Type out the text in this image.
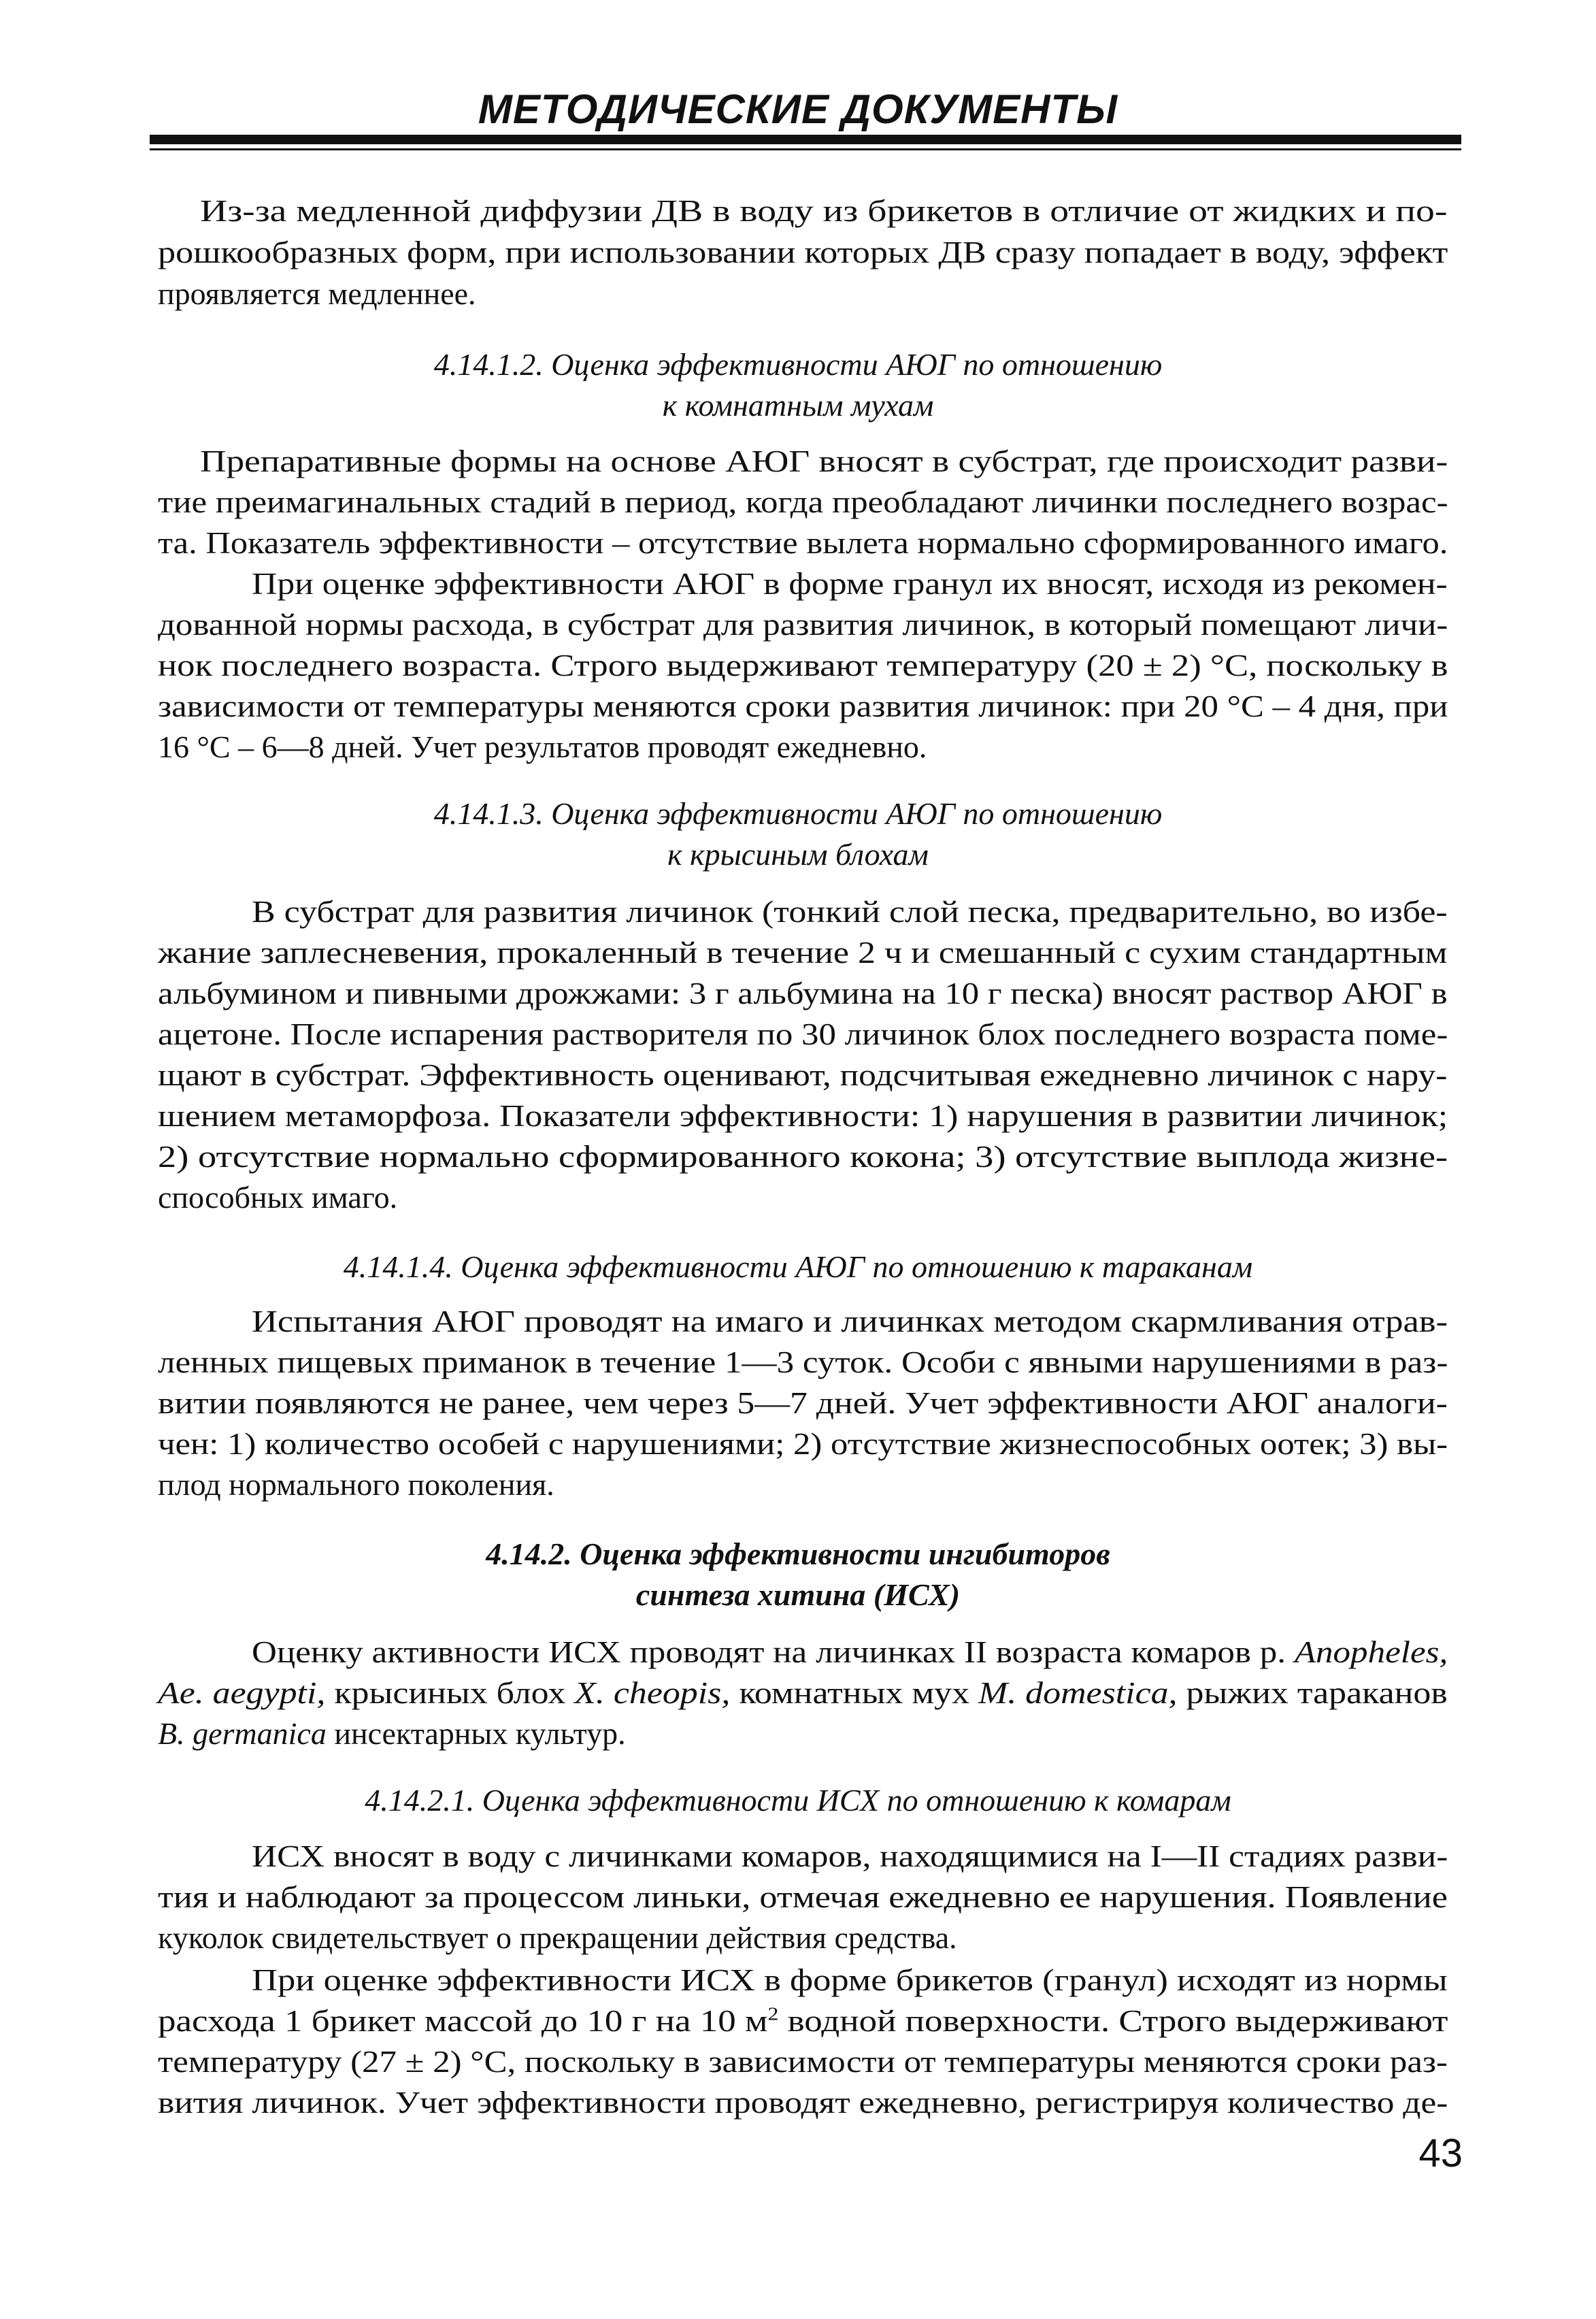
МЕТОДИЧЕСКИЕ ДОКУМЕНТЫ

Из-за медленной диффузии ДВ в воду из брикетов в отличие от жидких и по-

рошкообразных форм, при использовании которых ДВ сразу попадает в воду, эффект

проявляется медленнее.

4.14.1.2. Оценка эффективности АЮГ по отношению

к комнатным мухам

Препаративные формы на основе АЮГ вносят в субстрат, где происходит разви-

тие преимагинальных стадий в период, когда преобладают личинки последнего возрас-

та. Показатель эффективности – отсутствие вылета нормально сформированного имаго.

При оценке эффективности АЮГ в форме гранул их вносят, исходя из рекомен-

дованной нормы расхода, в субстрат для развития личинок, в который помещают личи-

нок последнего возраста. Строго выдерживают температуру (20 ± 2) °С, поскольку в

зависимости от температуры меняются сроки развития личинок: при 20 °С – 4 дня, при

16 °С – 6—8 дней. Учет результатов проводят ежедневно.

4.14.1.3. Оценка эффективности АЮГ по отношению

к крысиным блохам

В субстрат для развития личинок (тонкий слой песка, предварительно, во избе-

жание заплесневения, прокаленный в течение 2 ч и смешанный с сухим стандартным

альбумином и пивными дрожжами: 3 г альбумина на 10 г песка) вносят раствор АЮГ в

ацетоне. После испарения растворителя по 30 личинок блох последнего возраста поме-

щают в субстрат. Эффективность оценивают, подсчитывая ежедневно личинок с нару-

шением метаморфоза. Показатели эффективности: 1) нарушения в развитии личинок;

2) отсутствие нормально сформированного кокона; 3) отсутствие выплода жизне-

способных имаго.

4.14.1.4. Оценка эффективности АЮГ по отношению к тараканам

Испытания АЮГ проводят на имаго и личинках методом скармливания отрав-

ленных пищевых приманок в течение 1—3 суток. Особи с явными нарушениями в раз-

витии появляются не ранее, чем через 5—7 дней. Учет эффективности АЮГ аналоги-

чен: 1) количество особей с нарушениями; 2) отсутствие жизнеспособных оотек; 3) вы-

плод нормального поколения.

4.14.2. Оценка эффективности ингибиторов

синтеза хитина (ИСХ)

Оценку активности ИСХ проводят на личинках II возраста комаров р. Anopheles,

Ae. aegypti, крысиных блох X. cheopis, комнатных мух M. domestica, рыжих тараканов

B. germanica инсектарных культур.

4.14.2.1. Оценка эффективности ИСХ по отношению к комарам

ИСХ вносят в воду с личинками комаров, находящимися на I—II стадиях разви-

тия и наблюдают за процессом линьки, отмечая ежедневно ее нарушения. Появление

куколок свидетельствует о прекращении действия средства.

При оценке эффективности ИСХ в форме брикетов (гранул) исходят из нормы

расхода 1 брикет массой до 10 г на 10 $м^2$ водной поверхности. Строго выдерживают

температуру (27 ± 2) °С, поскольку в зависимости от температуры меняются сроки раз-

вития личинок. Учет эффективности проводят ежедневно, регистрируя количество де-

43
